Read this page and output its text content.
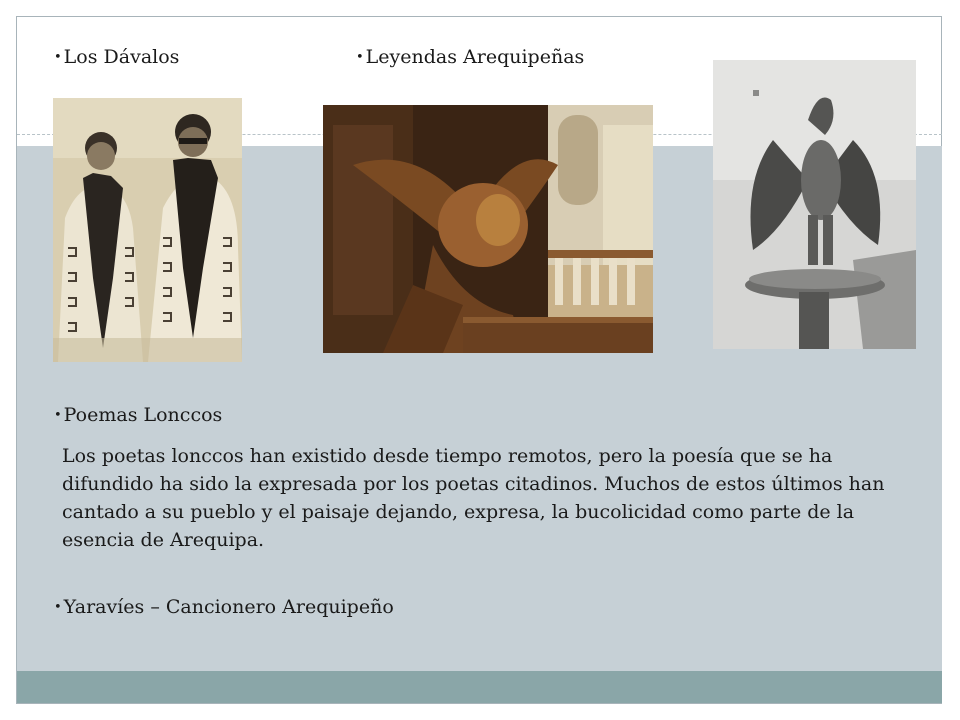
• Los Dávalos
•	Leyendas Arequipeñas
• Poemas Lonccos
Los poetas lonccos han existido desde tiempo remotos, pero la poesía que se ha difundido ha sido la expresada por los poetas citadinos. Muchos de estos últimos han cantado a su pueblo y el paisaje dejando, expresa, la bucolicidad como parte de la esencia de Arequipa.
• Yaravíes – Cancionero Arequipeño
